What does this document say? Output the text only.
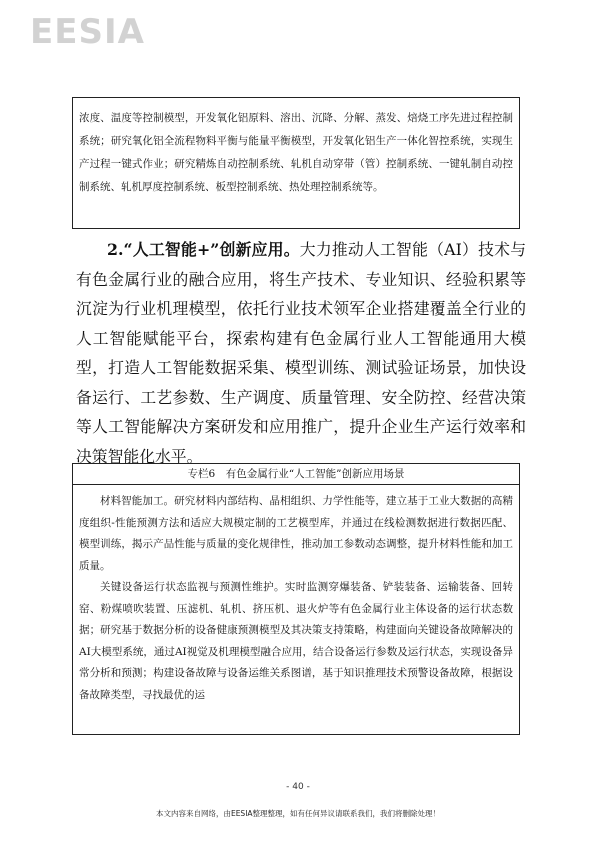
EESIA

浓度、温度等控制模型，开发氧化铝原料、溶出、沉降、分解、蒸发、焙烧工序先进过程控制系统；研究氧化铝全流程物料平衡与能量平衡模型，开发氧化铝生产一体化智控系统，实现生产过程一键式作业；研究精炼自动控制系统、轧机自动穿带（管）控制系统、一键轧制自动控制系统、轧机厚度控制系统、板型控制系统、热处理控制系统等。

2.“人工智能+”创新应用。大力推动人工智能（AI）技术与有色金属行业的融合应用，将生产技术、专业知识、经验积累等沉淀为行业机理模型，依托行业技术领军企业搭建覆盖全行业的人工智能赋能平台，探索构建有色金属行业人工智能通用大模型，打造人工智能数据采集、模型训练、测试验证场景，加快设备运行、工艺参数、生产调度、质量管理、安全防控、经营决策等人工智能解决方案研发和应用推广，提升企业生产运行效率和决策智能化水平。

专栏6　有色金属行业“人工智能”创新应用场景

材料智能加工。研究材料内部结构、晶相组织、力学性能等，建立基于工业大数据的高精度组织-性能预测方法和适应大规模定制的工艺模型库，并通过在线检测数据进行数据匹配、模型训练，揭示产品性能与质量的变化规律性，推动加工参数动态调整，提升材料性能和加工质量。

关键设备运行状态监视与预测性维护。实时监测穿爆装备、铲装装备、运输装备、回转窑、粉煤喷吹装置、压滤机、轧机、挤压机、退火炉等有色金属行业主体设备的运行状态数据；研究基于数据分析的设备健康预测模型及其决策支持策略，构建面向关键设备故障解决的AI大模型系统，通过AI视觉及机理模型融合应用，结合设备运行参数及运行状态，实现设备异常分析和预测；构建设备故障与设备运维关系图谱，基于知识推理技术预警设备故障，根据设备故障类型，寻找最优的运

- 40 -
本文内容来自网络，由EESIA整理整理，如有任何异议请联系我们，我们将删除处理！
